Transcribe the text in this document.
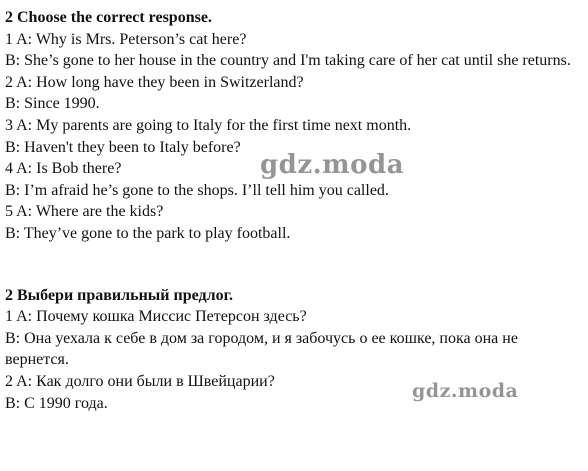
2 Choose the correct response.
1 A: Why is Mrs. Peterson’s cat here?
B: She’s gone to her house in the country and I'm taking care of her cat until she returns.
2 A: How long have they been in Switzerland?
B: Since 1990.
3 A: My parents are going to Italy for the first time next month.
B: Haven't they been to Italy before?
4 A: Is Bob there?
B: I’m afraid he’s gone to the shops. I’ll tell him you called.
5 A: Where are the kids?
B: They’ve gone to the park to play football.
2 Выбери правильный предлог.
1 A: Почему кошка Миссис Петерсон здесь?
B: Она уехала к себе в дом за городом, и я забочусь о ее кошке, пока она не вернется.
2 A: Как долго они были в Швейцарии?
B: С 1990 года.
gdz.moda
gdz.moda
